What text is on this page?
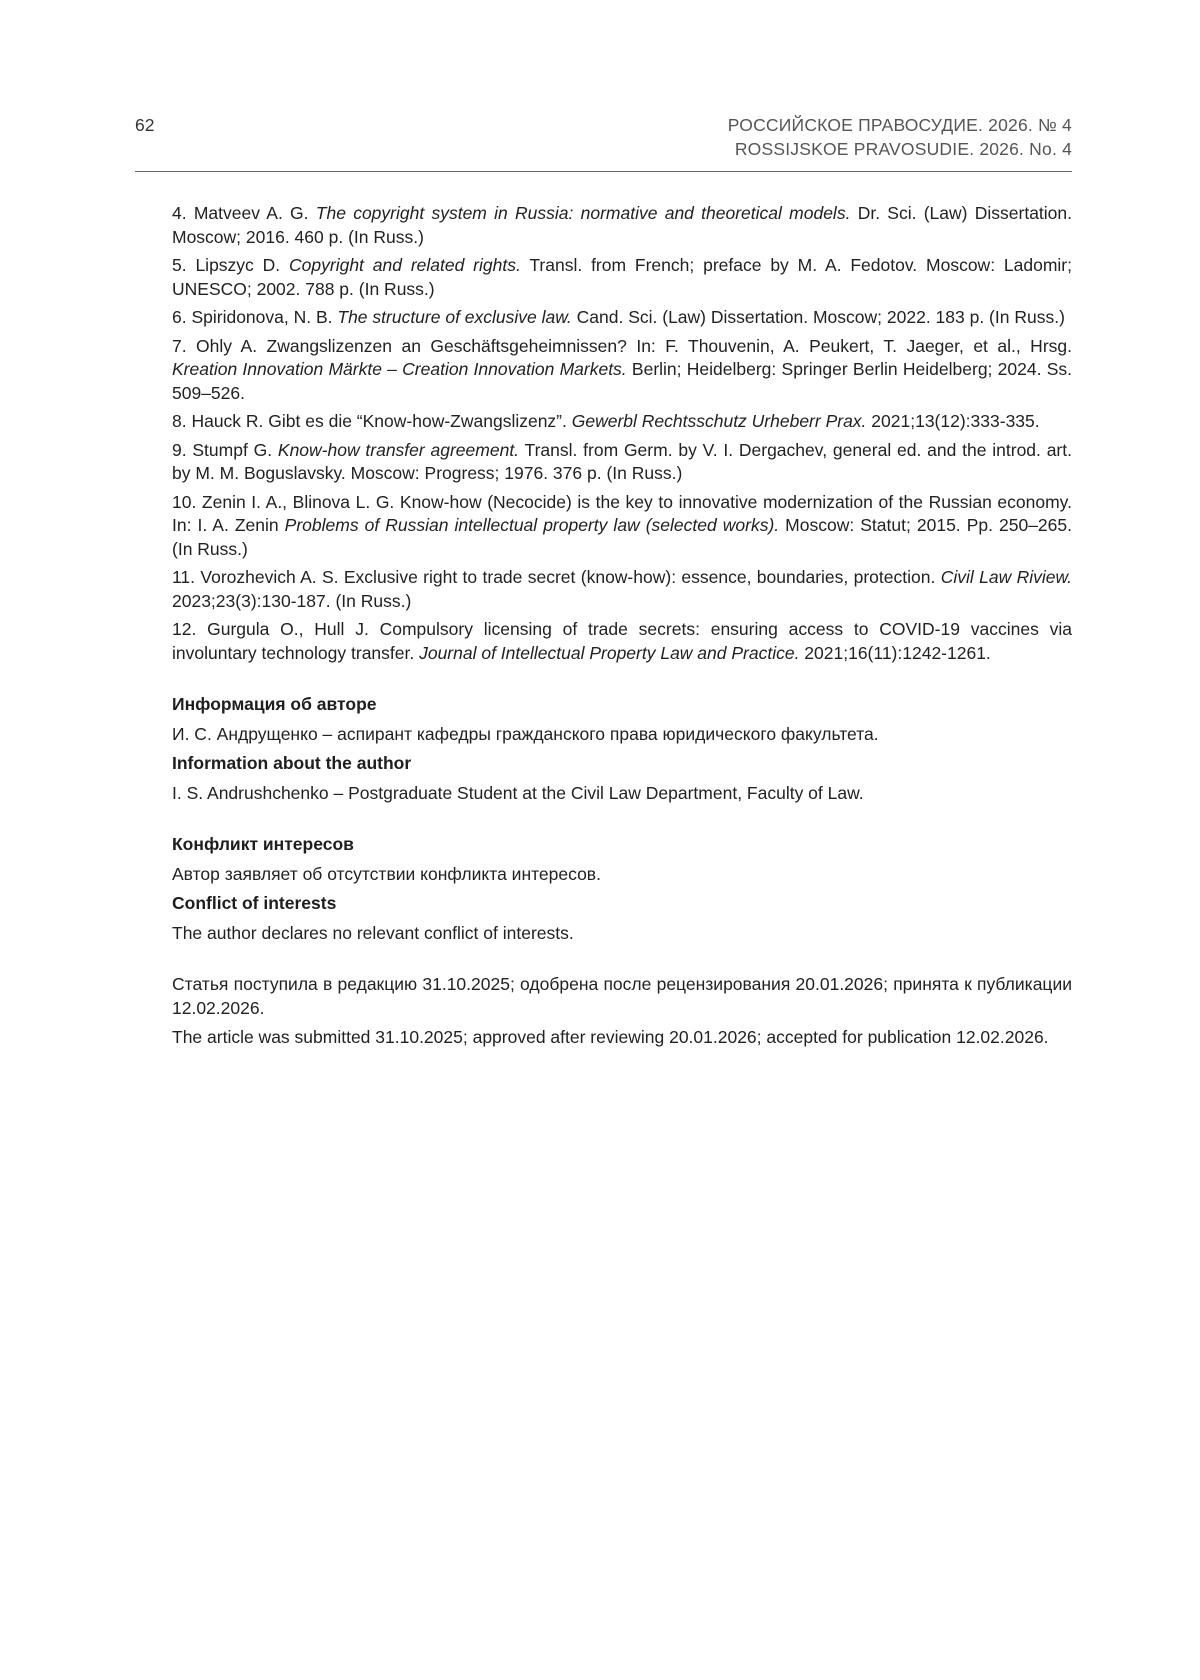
62	РОССИЙСКОЕ ПРАВОСУДИЕ. 2026. № 4
ROSSIJSKOE PRAVOSUDIE. 2026. No. 4
4. Matveev A. G. The copyright system in Russia: normative and theoretical models. Dr. Sci. (Law) Dissertation. Moscow; 2016. 460 p. (In Russ.)
5. Lipszyc D. Copyright and related rights. Transl. from French; preface by M. A. Fedotov. Moscow: Ladomir; UNESCO; 2002. 788 p. (In Russ.)
6. Spiridonova, N. B. The structure of exclusive law. Cand. Sci. (Law) Dissertation. Moscow; 2022. 183 p. (In Russ.)
7. Ohly A. Zwangslizenzen an Geschäftsgeheimnissen? In: F. Thouvenin, A. Peukert, T. Jaeger, et al., Hrsg. Kreation Innovation Märkte – Creation Innovation Markets. Berlin; Heidelberg: Springer Berlin Heidelberg; 2024. Ss. 509–526.
8. Hauck R. Gibt es die “Know-how-Zwangslizenz”. Gewerbl Rechtsschutz Urheberr Prax. 2021;13(12):333-335.
9. Stumpf G. Know-how transfer agreement. Transl. from Germ. by V. I. Dergachev, general ed. and the introd. art. by M. M. Boguslavsky. Moscow: Progress; 1976. 376 p. (In Russ.)
10. Zenin I. A., Blinova L. G. Know-how (Necocide) is the key to innovative modernization of the Russian economy. In: I. A. Zenin Problems of Russian intellectual property law (selected works). Moscow: Statut; 2015. Pp. 250–265. (In Russ.)
11. Vorozhevich A. S. Exclusive right to trade secret (know-how): essence, boundaries, protection. Civil Law Riview. 2023;23(3):130-187. (In Russ.)
12. Gurgula O., Hull J. Compulsory licensing of trade secrets: ensuring access to COVID-19 vaccines via involuntary technology transfer. Journal of Intellectual Property Law and Practice. 2021;16(11):1242-1261.
Информация об авторе
И. С. Андрущенко – аспирант кафедры гражданского права юридического факультета.
Information about the author
I. S. Andrushchenko – Postgraduate Student at the Civil Law Department, Faculty of Law.
Конфликт интересов
Автор заявляет об отсутствии конфликта интересов.
Conflict of interests
The author declares no relevant conflict of interests.
Статья поступила в редакцию 31.10.2025; одобрена после рецензирования 20.01.2026; принята к публикации 12.02.2026.
The article was submitted 31.10.2025; approved after reviewing 20.01.2026; accepted for publication 12.02.2026.
